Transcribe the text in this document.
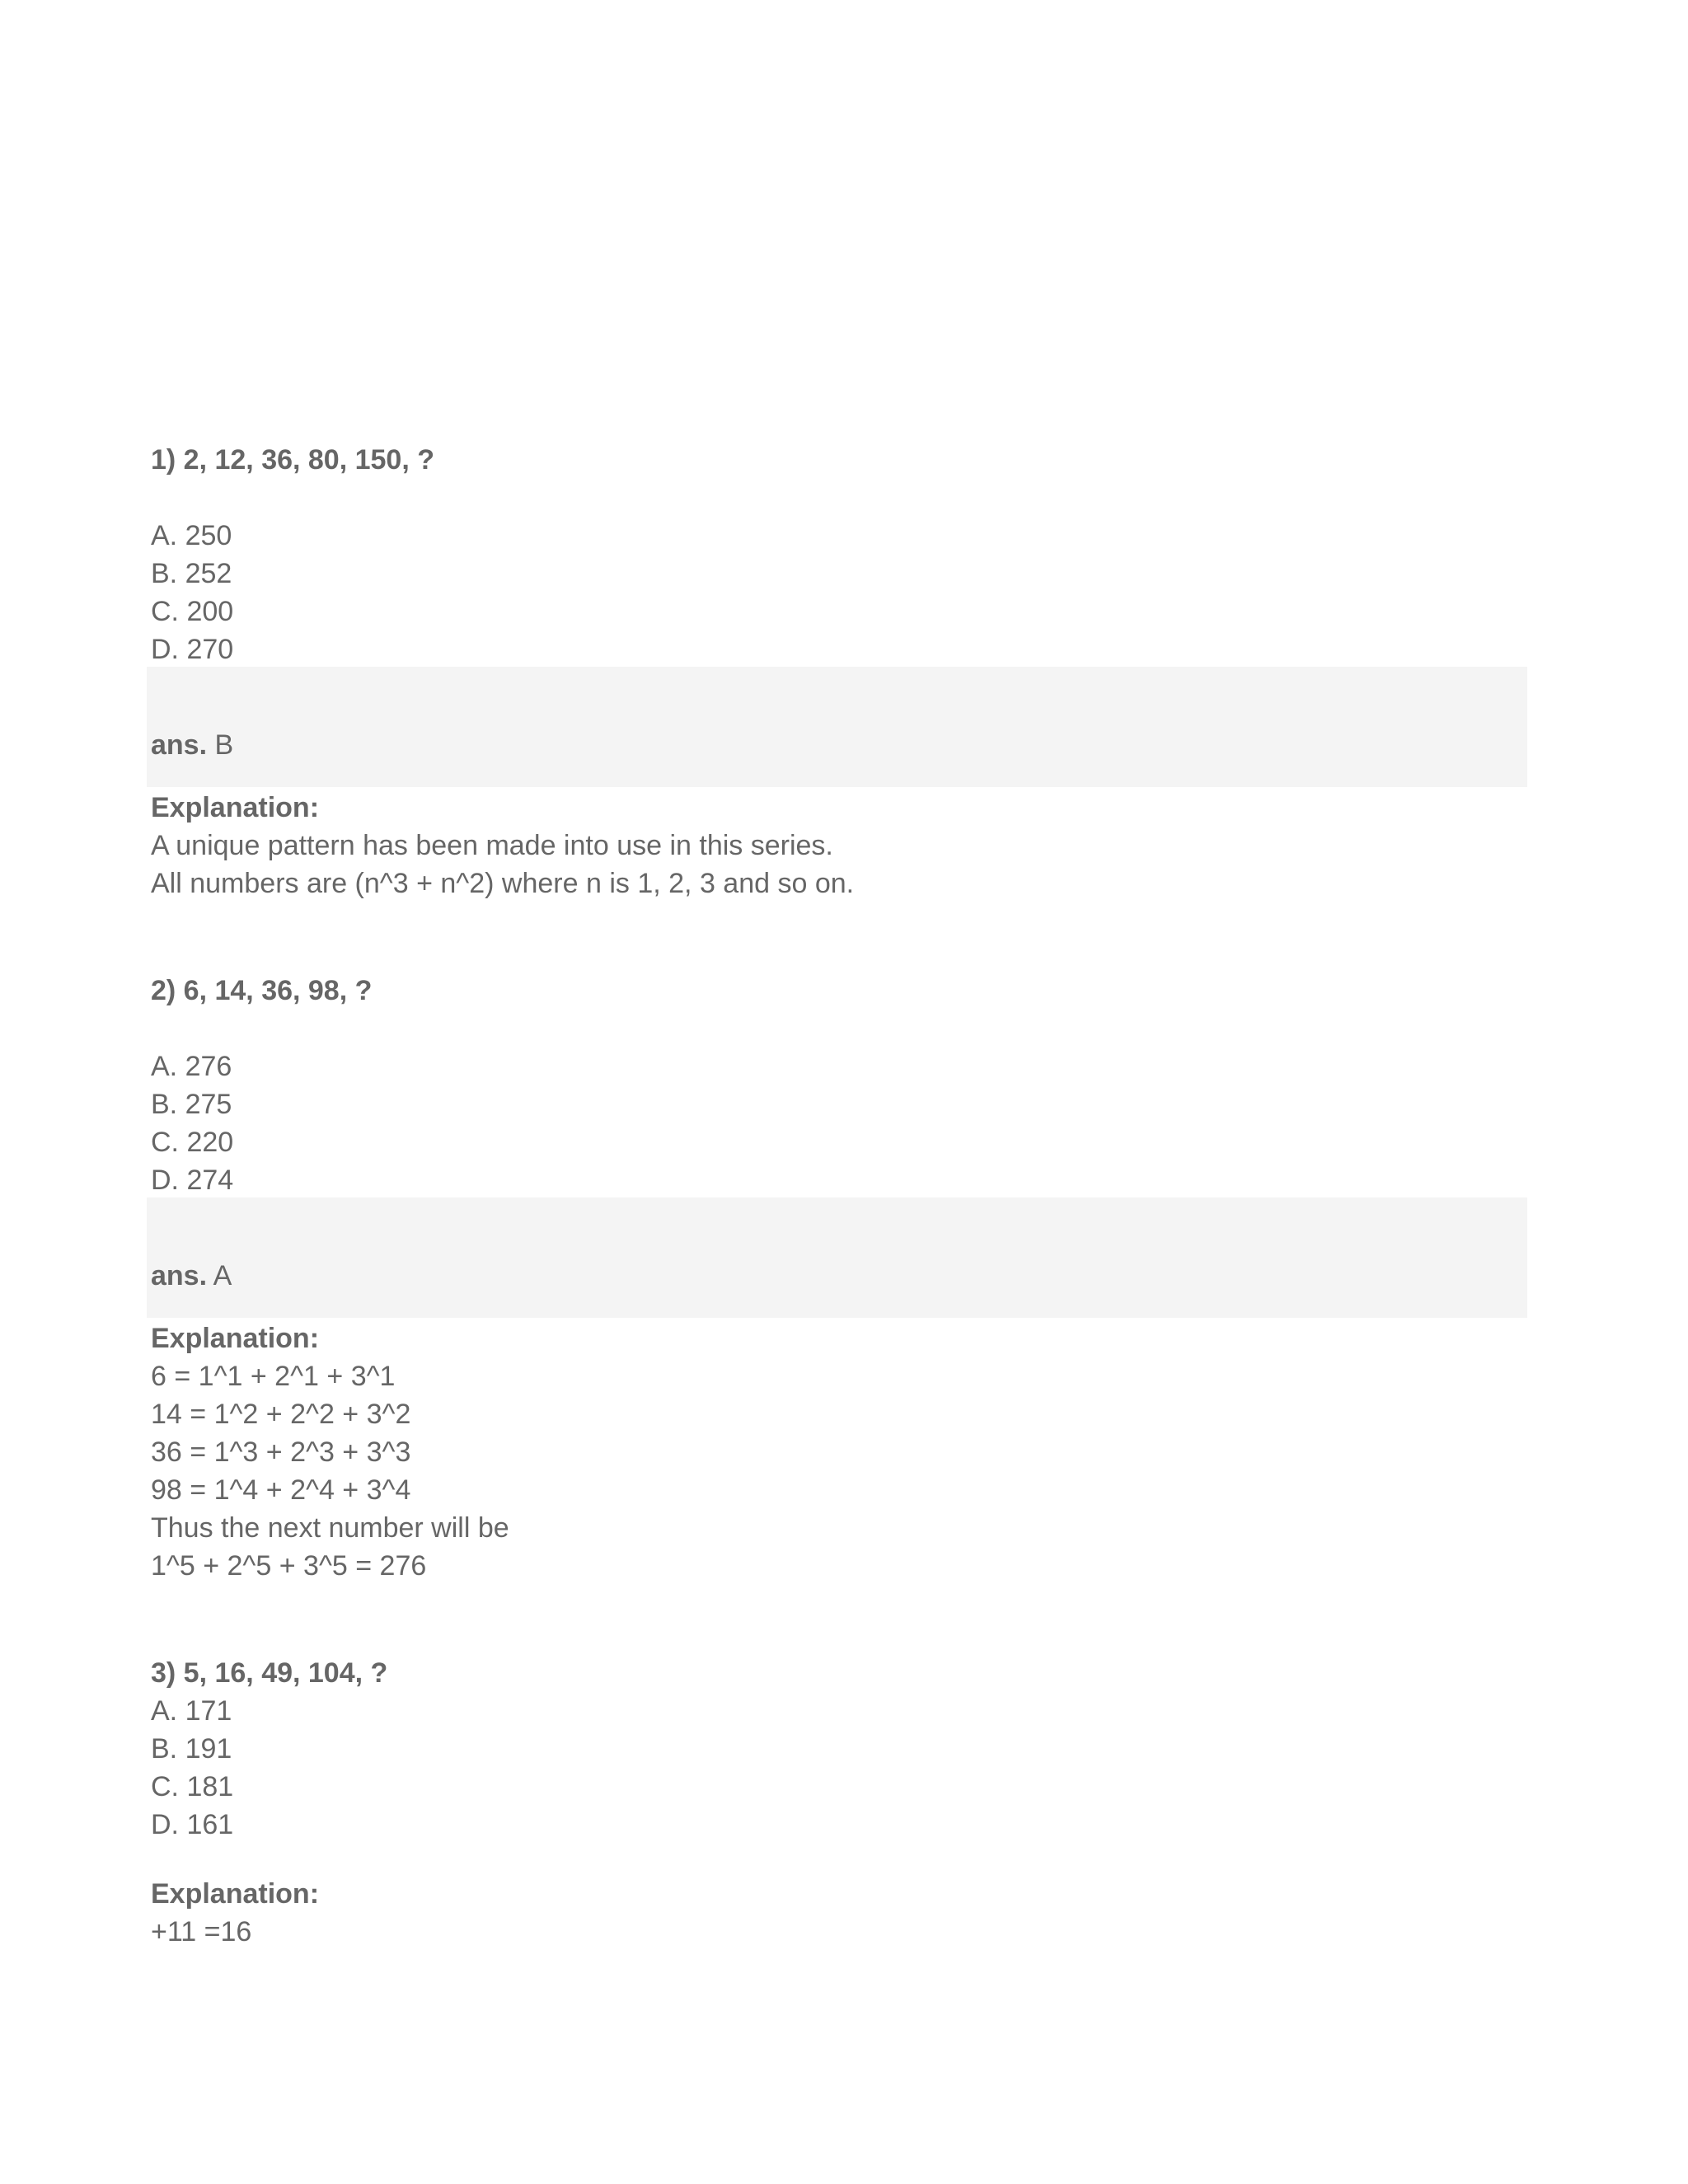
1) 2, 12, 36, 80, 150, ?
A. 250
B. 252
C. 200
D. 270
ans. B
Explanation:
A unique pattern has been made into use in this series.
All numbers are (n^3 + n^2) where n is 1, 2, 3 and so on.
2) 6, 14, 36, 98, ?
A. 276
B. 275
C. 220
D. 274
ans. A
Explanation:
6 = 1^1 + 2^1 + 3^1
14 = 1^2 + 2^2 + 3^2
36 = 1^3 + 2^3 + 3^3
98 = 1^4 + 2^4 + 3^4
Thus the next number will be
1^5 + 2^5 + 3^5 = 276
3) 5, 16, 49, 104, ?
A. 171
B. 191
C. 181
D. 161
Explanation:
+11 =16
